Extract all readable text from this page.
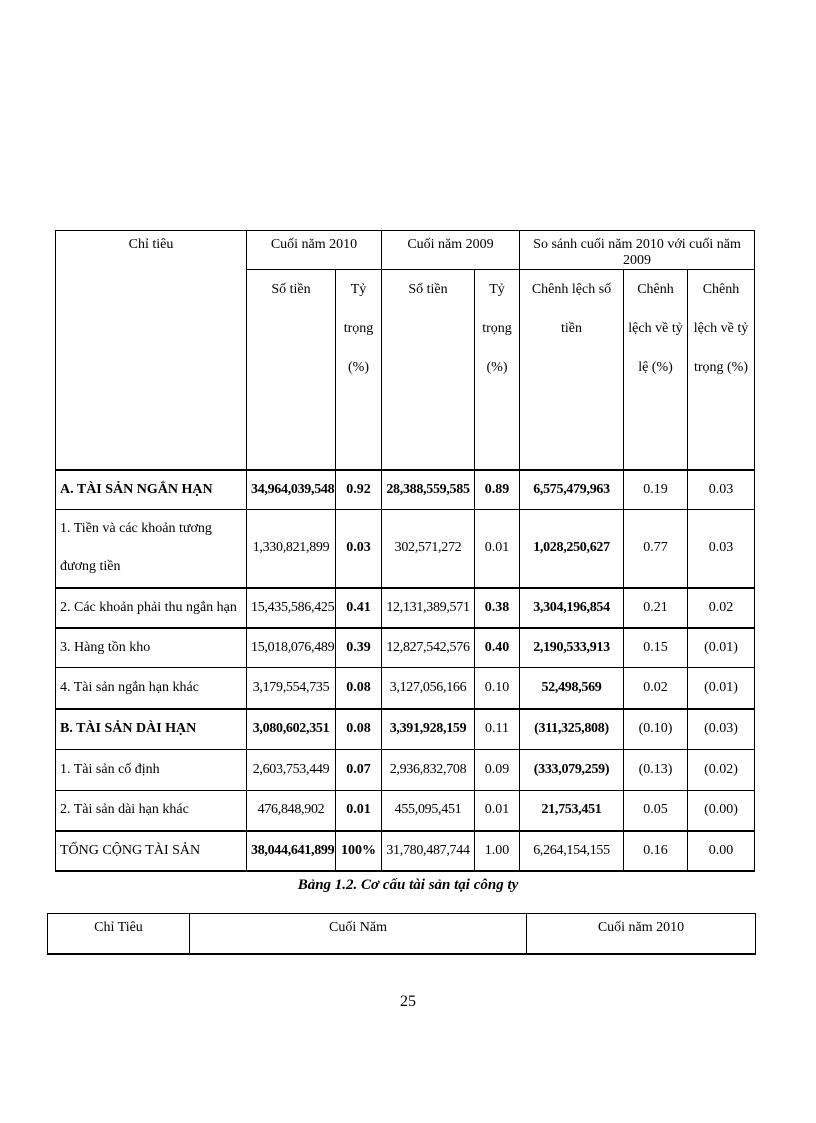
Chỉ tiêu	Cuối năm 2010		Cuối năm 2009		So sánh cuối năm 2010 với cuối năm 2009		
	Số tiền	Tỷ trọng (%)	Số tiền	Tỷ trọng (%)	Chênh lệch số tiền	Chênh lệch về tỷ lệ (%)	Chênh lệch về tỷ trọng (%)
A. TÀI SẢN NGẮN HẠN	34,964,039,548	0.92	28,388,559,585	0.89	6,575,479,963	0.19	0.03
1. Tiền và các khoản tương đương tiền	1,330,821,899	0.03	302,571,272	0.01	1,028,250,627	0.77	0.03
2. Các khoản phải thu ngắn hạn	15,435,586,425	0.41	12,131,389,571	0.38	3,304,196,854	0.21	0.02
3. Hàng tồn kho	15,018,076,489	0.39	12,827,542,576	0.40	2,190,533,913	0.15	(0.01)
4. Tài sản ngắn hạn khác	3,179,554,735	0.08	3,127,056,166	0.10	52,498,569	0.02	(0.01)
B. TÀI SẢN DÀI HẠN	3,080,602,351	0.08	3,391,928,159	0.11	(311,325,808)	(0.10)	(0.03)
1. Tài sản cố định	2,603,753,449	0.07	2,936,832,708	0.09	(333,079,259)	(0.13)	(0.02)
2. Tài sản dài hạn khác	476,848,902	0.01	455,095,451	0.01	21,753,451	0.05	(0.00)
TỔNG CỘNG TÀI SẢN	38,044,641,899	100%	31,780,487,744	1.00	6,264,154,155	0.16	0.00
Bảng 1.2. Cơ cấu tài sản tại công ty
Chỉ Tiêu	Cuối Năm	Cuối năm 2010
25
